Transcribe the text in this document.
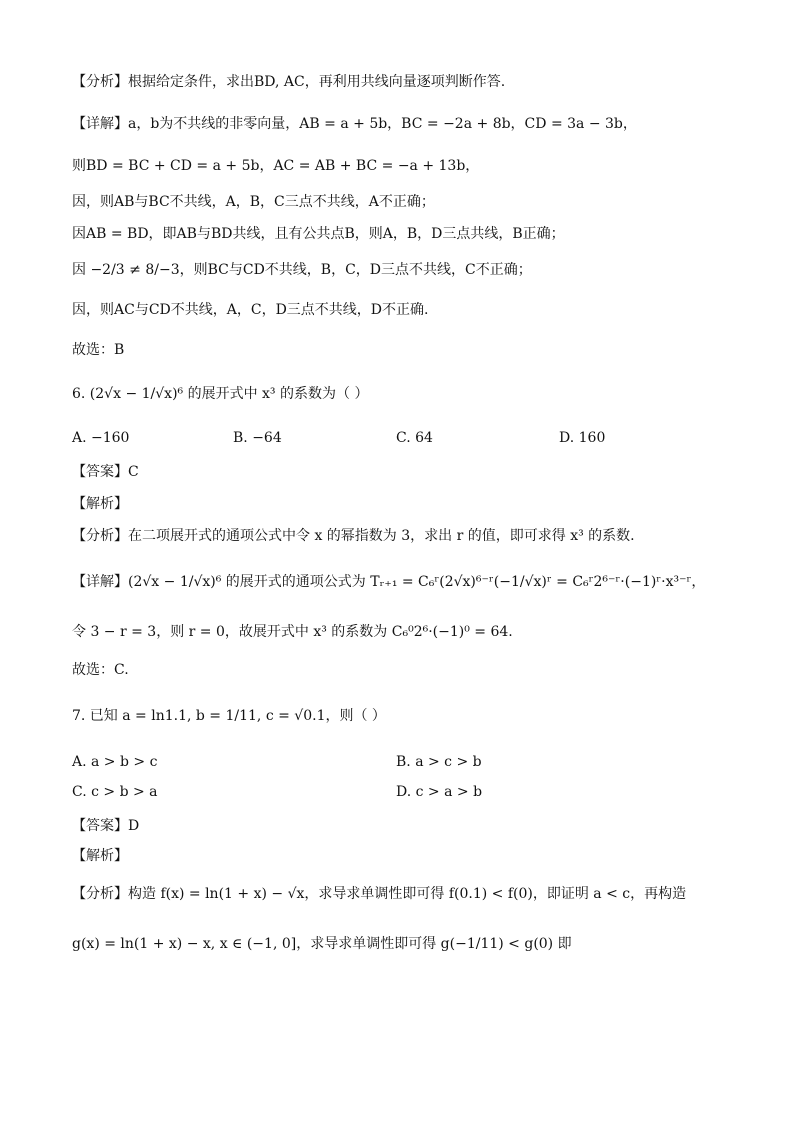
【分析】根据给定条件，求出BD, AC，再利用共线向量逐项判断作答.
【详解】a，b为不共线的非零向量，AB = a + 5b，BC = −2a + 8b，CD = 3a − 3b，
则BD = BC + CD = a + 5b，AC = AB + BC = −a + 13b，
因，则AB与BC不共线，A，B，C三点不共线，A不正确；
因AB = BD，即AB与BD共线，且有公共点B，则A，B，D三点共线，B正确；
因 −2/3 ≠ 8/−3，则BC与CD不共线，B，C，D三点不共线，C不正确；
因，则AC与CD不共线，A，C，D三点不共线，D不正确.
故选：B
6. (2√x − 1/√x)⁶ 的展开式中 x³ 的系数为（ ）
A. −160	B. −64	C. 64	D. 160
【答案】C
【解析】
【分析】在二项展开式的通项公式中令 x 的幂指数为 3，求出 r 的值，即可求得 x³ 的系数.
【详解】(2√x − 1/√x)⁶ 的展开式的通项公式为 Tᵣ₊₁ = C₆ʳ(2√x)⁶⁻ʳ(−1/√x)ʳ = C₆ʳ2⁶⁻ʳ·(−1)ʳ·x³⁻ʳ，
令 3 − r = 3，则 r = 0，故展开式中 x³ 的系数为 C₆⁰2⁶·(−1)⁰ = 64.
故选：C.
7. 已知 a = ln1.1, b = 1/11, c = √0.1，则（ ）
A. a > b > c	B. a > c > b
C. c > b > a	D. c > a > b
【答案】D
【解析】
【分析】构造 f(x) = ln(1 + x) − √x，求导求单调性即可得 f(0.1) < f(0)，即证明 a < c，再构造
g(x) = ln(1 + x) − x, x ∈ (−1, 0]，求导求单调性即可得 g(−1/11) < g(0) 即
